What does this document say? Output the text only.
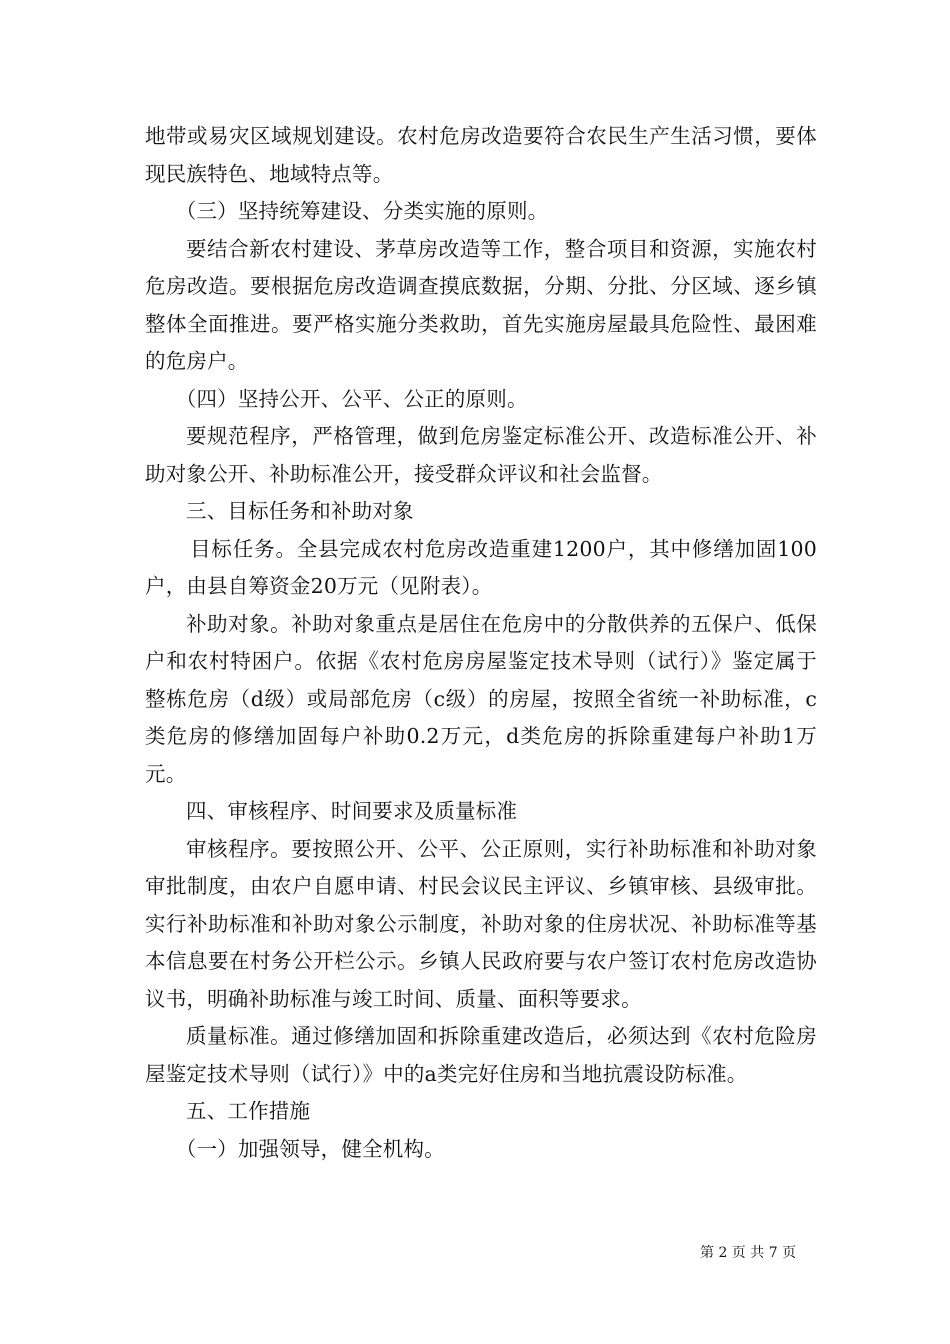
地带或易灾区域规划建设。农村危房改造要符合农民生产生活习惯，要体现民族特色、地域特点等。

（三）坚持统筹建设、分类实施的原则。

要结合新农村建设、茅草房改造等工作，整合项目和资源，实施农村危房改造。要根据危房改造调查摸底数据，分期、分批、分区域、逐乡镇整体全面推进。要严格实施分类救助，首先实施房屋最具危险性、最困难的危房户。

（四）坚持公开、公平、公正的原则。

要规范程序，严格管理，做到危房鉴定标准公开、改造标准公开、补助对象公开、补助标准公开，接受群众评议和社会监督。

三、目标任务和补助对象

目标任务。全县完成农村危房改造重建1200户，其中修缮加固100户，由县自筹资金20万元（见附表）。

补助对象。补助对象重点是居住在危房中的分散供养的五保户、低保户和农村特困户。依据《农村危房房屋鉴定技术导则（试行）》鉴定属于整栋危房（d级）或局部危房（c级）的房屋，按照全省统一补助标准，c类危房的修缮加固每户补助0.2万元，d类危房的拆除重建每户补助1万元。

四、审核程序、时间要求及质量标准

审核程序。要按照公开、公平、公正原则，实行补助标准和补助对象审批制度，由农户自愿申请、村民会议民主评议、乡镇审核、县级审批。实行补助标准和补助对象公示制度，补助对象的住房状况、补助标准等基本信息要在村务公开栏公示。乡镇人民政府要与农户签订农村危房改造协议书，明确补助标准与竣工时间、质量、面积等要求。

质量标准。通过修缮加固和拆除重建改造后，必须达到《农村危险房屋鉴定技术导则（试行）》中的a类完好住房和当地抗震设防标准。

五、工作措施

（一）加强领导，健全机构。

第 2 页 共 7 页
